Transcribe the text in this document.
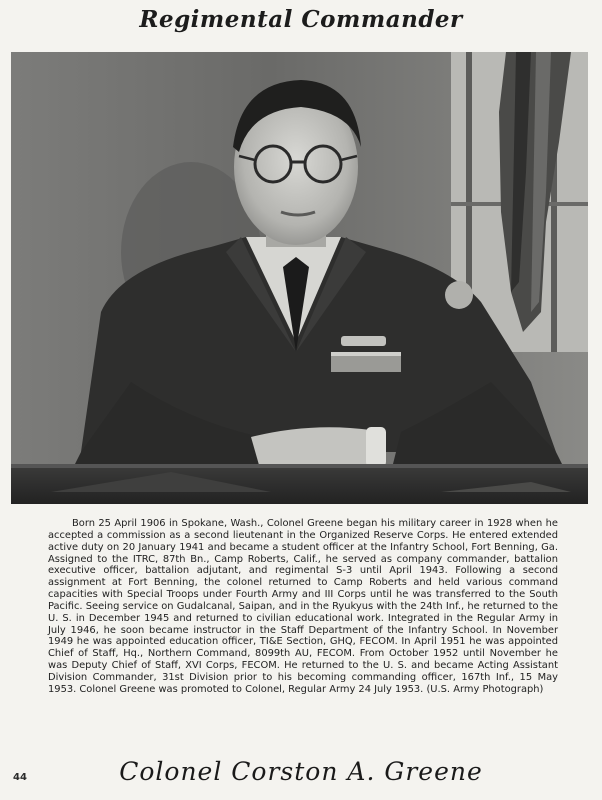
Regimental Commander

Born 25 April 1906 in Spokane, Wash., Colonel Greene began his military career in 1928 when he accepted a commission as a second lieutenant in the Organized Reserve Corps. He entered extended active duty on 20 January 1941 and became a student officer at the Infantry School, Fort Benning, Ga. Assigned to the ITRC, 87th Bn., Camp Roberts, Calif., he served as company commander, battalion executive officer, battalion adjutant, and regimental S-3 until April 1943. Following a second assignment at Fort Benning, the colonel returned to Camp Roberts and held various command capacities with Special Troops under Fourth Army and III Corps until he was transferred to the South Pacific. Seeing service on Gudalcanal, Saipan, and in the Ryukyus with the 24th Inf., he returned to the U. S. in December 1945 and returned to civilian educational work. Integrated in the Regular Army in July 1946, he soon became instructor in the Staff Department of the Infantry School. In November 1949 he was appointed education officer, TI&E Section, GHQ, FECOM. In April 1951 he was appointed Chief of Staff, Hq., Northern Command, 8099th AU, FECOM. From October 1952 until November he was Deputy Chief of Staff, XVI Corps, FECOM. He returned to the U. S. and became Acting Assistant Division Commander, 31st Division prior to his becoming commanding officer, 167th Inf., 15 May 1953. Colonel Greene was promoted to Colonel, Regular Army 24 July 1953. (U.S. Army Photograph)

44	Colonel Corston A. Greene
